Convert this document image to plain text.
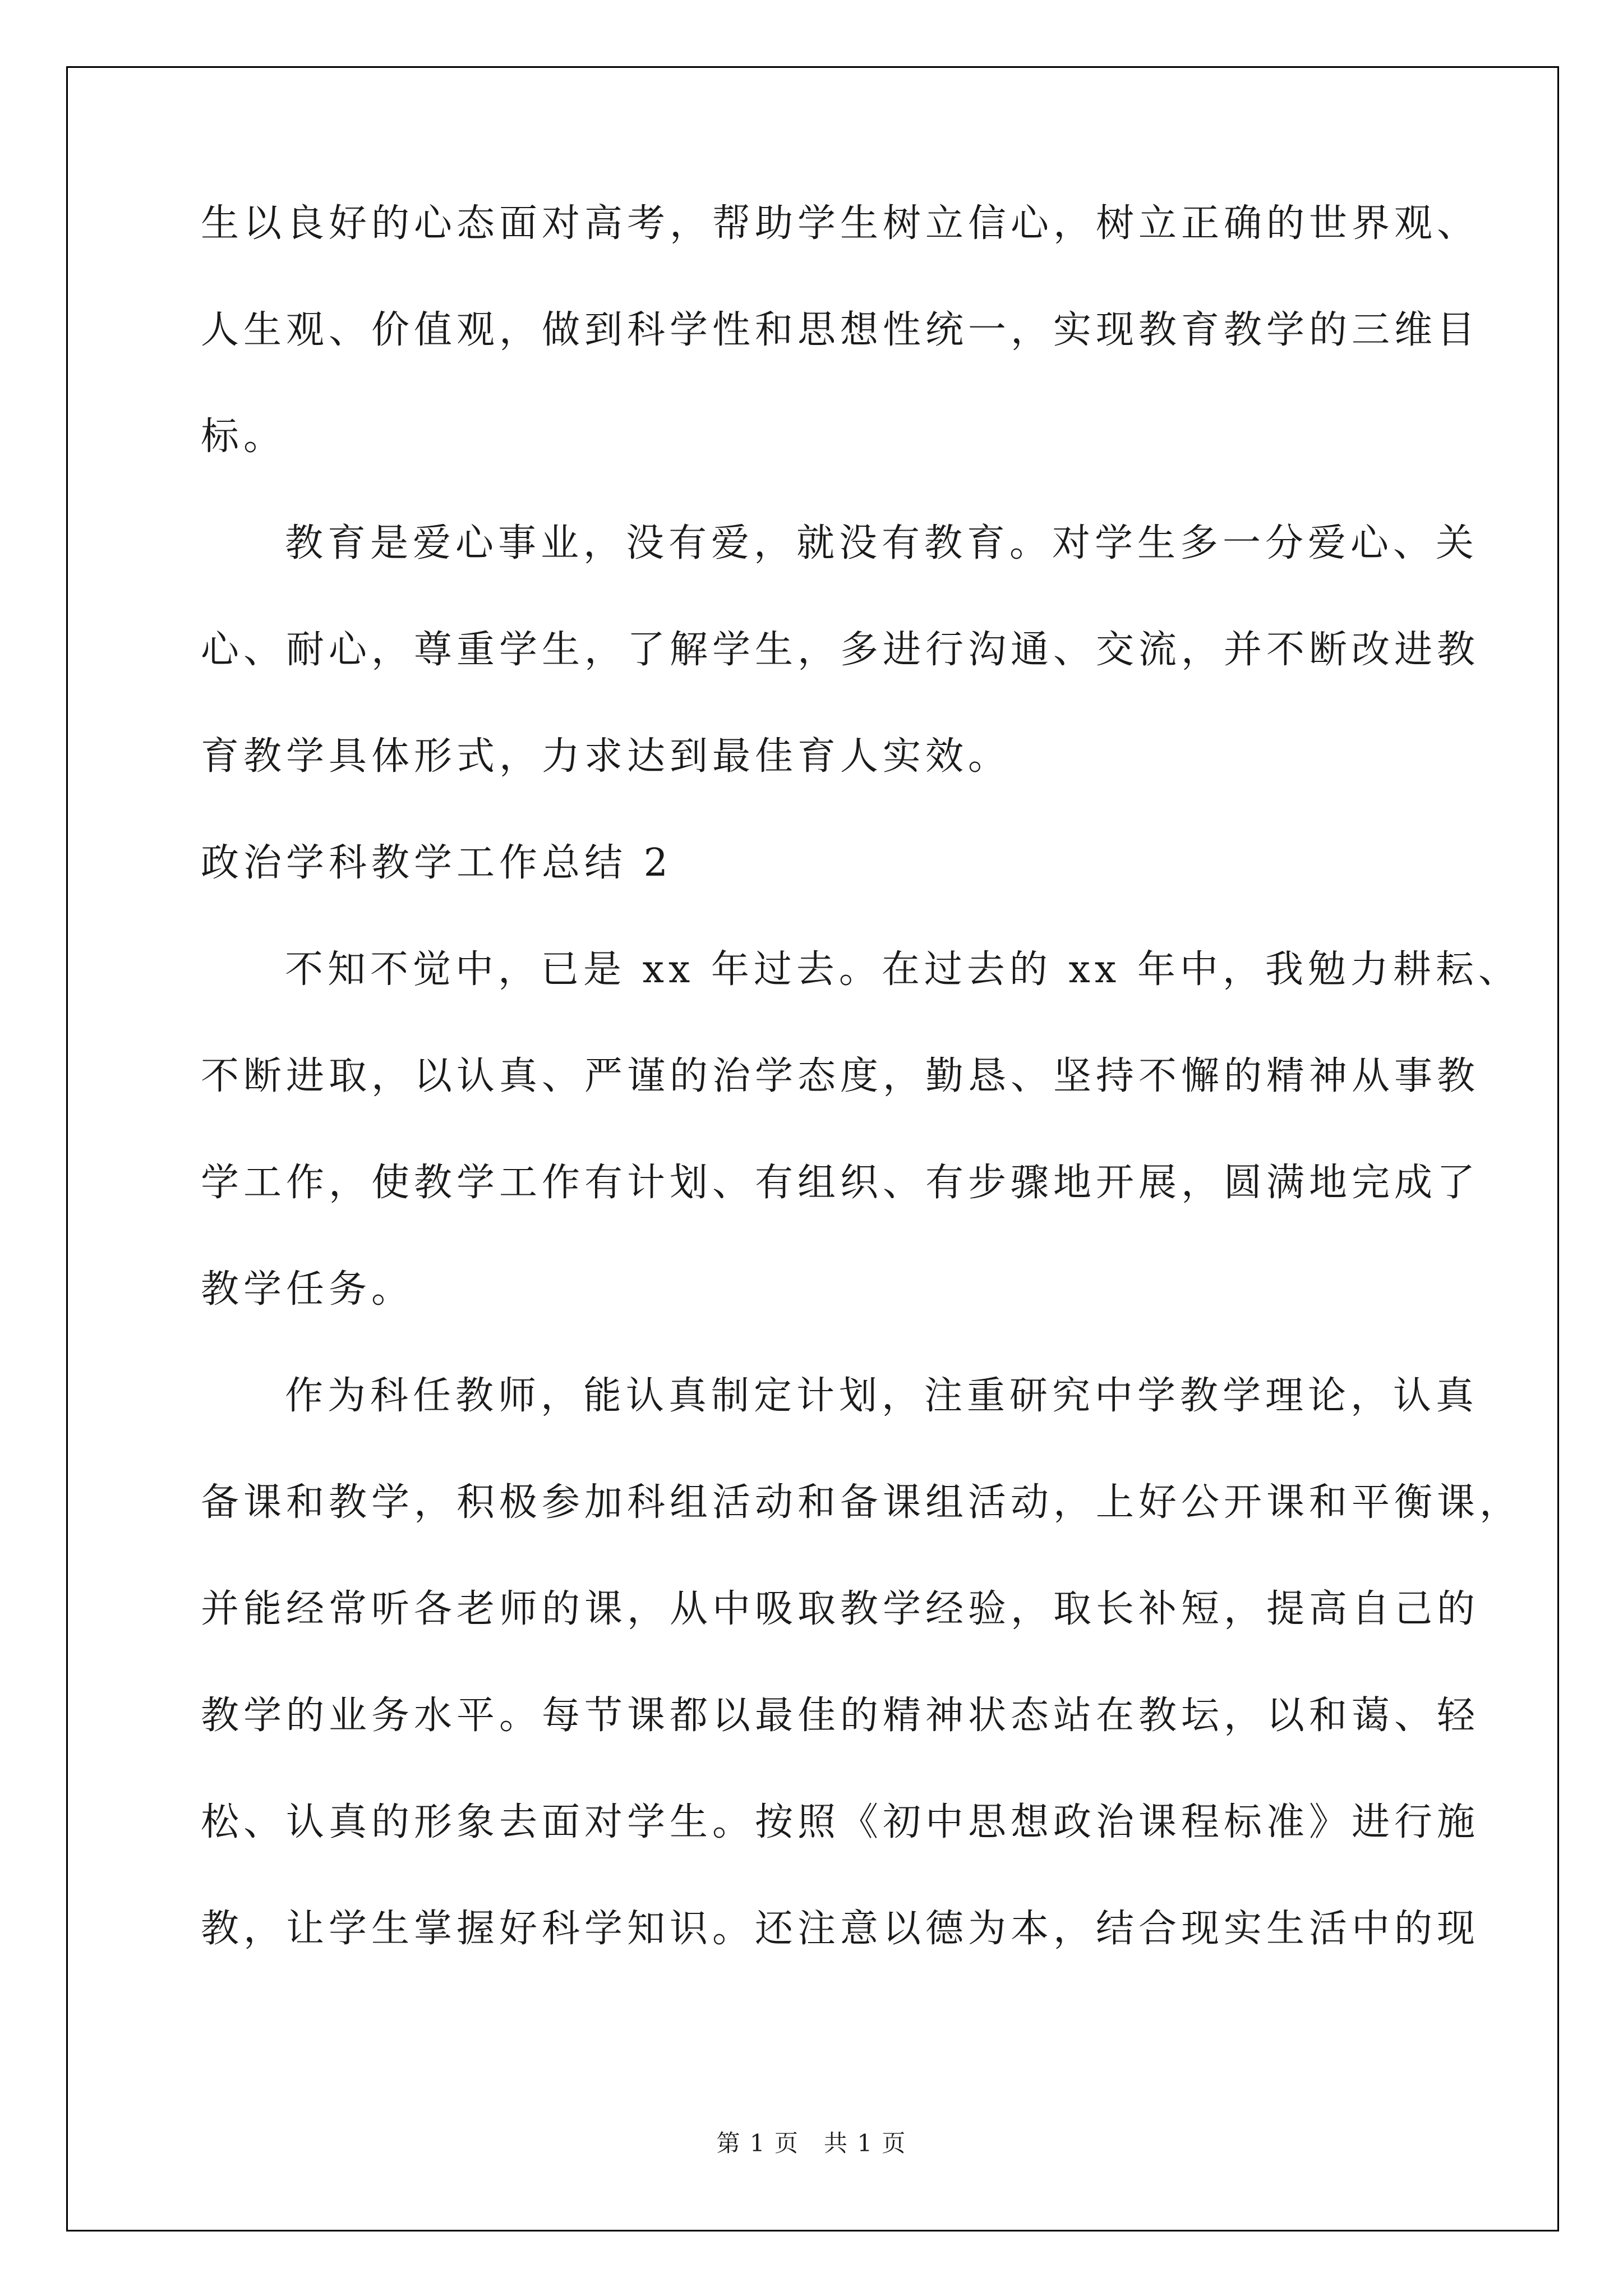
生以良好的心态面对高考，帮助学生树立信心，树立正确的世界观、
人生观、价值观，做到科学性和思想性统一，实现教育教学的三维目
标。
教育是爱心事业，没有爱，就没有教育。对学生多一分爱心、关
心、耐心，尊重学生，了解学生，多进行沟通、交流，并不断改进教
育教学具体形式，力求达到最佳育人实效。
政治学科教学工作总结 2
不知不觉中，已是 xx 年过去。在过去的 xx 年中，我勉力耕耘、
不断进取，以认真、严谨的治学态度，勤恳、坚持不懈的精神从事教
学工作，使教学工作有计划、有组织、有步骤地开展，圆满地完成了
教学任务。
作为科任教师，能认真制定计划，注重研究中学教学理论，认真
备课和教学，积极参加科组活动和备课组活动，上好公开课和平衡课，
并能经常听各老师的课，从中吸取教学经验，取长补短，提高自己的
教学的业务水平。每节课都以最佳的精神状态站在教坛，以和蔼、轻
松、认真的形象去面对学生。按照《初中思想政治课程标准》进行施
教，让学生掌握好科学知识。还注意以德为本，结合现实生活中的现
第 1 页　共 1 页
